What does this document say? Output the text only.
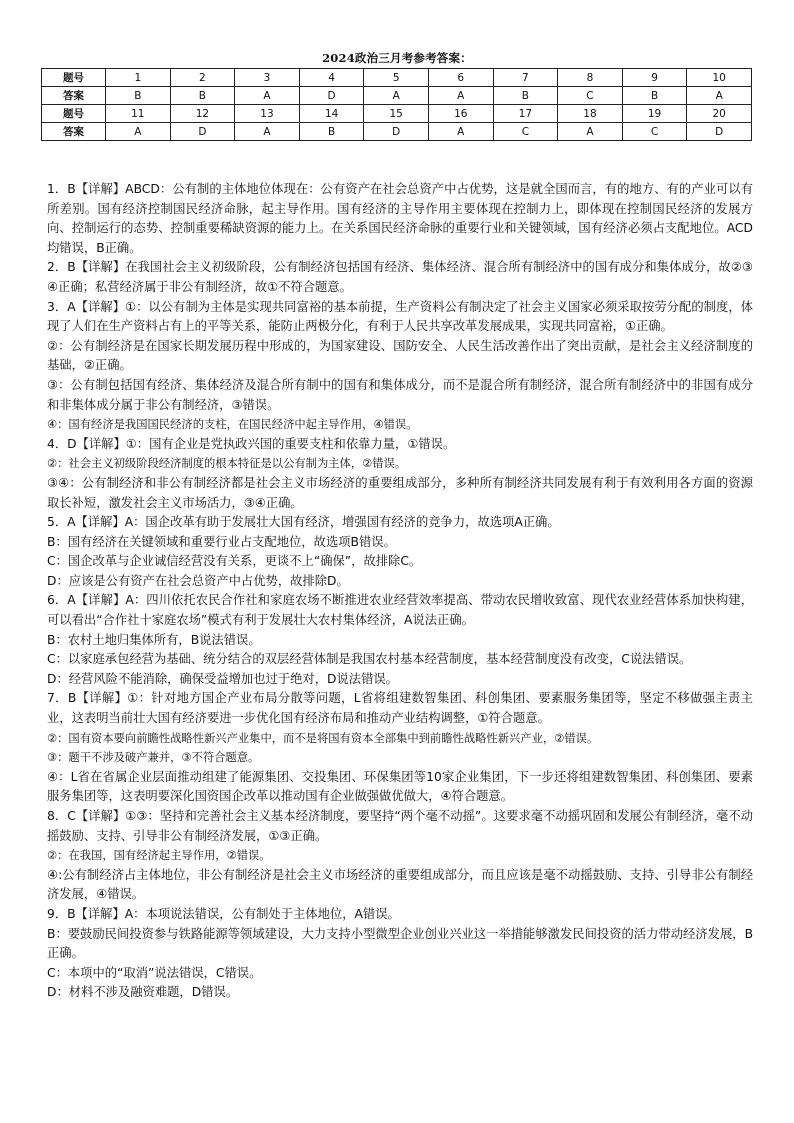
2024政治三月考参考答案：
题号	1	2	3	4	5	6	7	8	9	10
答案	B	B	A	D	A	A	B	C	B	A
题号	11	12	13	14	15	16	17	18	19	20
答案	A	D	A	B	D	A	C	A	C	D

1．B【详解】ABCD：公有制的主体地位体现在：公有资产在社会总资产中占优势，这是就全国而言，有的地方、有的产业可以有所差别。国有经济控制国民经济命脉，起主导作用。国有经济的主导作用主要体现在控制力上，即体现在控制国民经济的发展方向、控制运行的态势、控制重要稀缺资源的能力上。在关系国民经济命脉的重要行业和关键领域，国有经济必须占支配地位。ACD均错误，B正确。

2．B【详解】在我国社会主义初级阶段，公有制经济包括国有经济、集体经济、混合所有制经济中的国有成分和集体成分，故②③④正确；私营经济属于非公有制经济，故①不符合题意。

3．A【详解】①：以公有制为主体是实现共同富裕的基本前提，生产资料公有制决定了社会主义国家必须采取按劳分配的制度，体现了人们在生产资料占有上的平等关系，能防止两极分化，有利于人民共享改革发展成果，实现共同富裕，①正确。

②：公有制经济是在国家长期发展历程中形成的，为国家建设、国防安全、人民生活改善作出了突出贡献，是社会主义经济制度的基础，②正确。

③：公有制包括国有经济、集体经济及混合所有制中的国有和集体成分，而不是混合所有制经济，混合所有制经济中的非国有成分和非集体成分属于非公有制经济，③错误。

④：国有经济是我国国民经济的支柱，在国民经济中起主导作用，④错误。

4．D【详解】①：国有企业是党执政兴国的重要支柱和依靠力量，①错误。

②：社会主义初级阶段经济制度的根本特征是以公有制为主体，②错误。

③④：公有制经济和非公有制经济都是社会主义市场经济的重要组成部分，多种所有制经济共同发展有利于有效利用各方面的资源取长补短，激发社会主义市场活力，③④正确。

5．A【详解】A：国企改革有助于发展壮大国有经济，增强国有经济的竞争力，故选项A正确。

B：国有经济在关键领域和重要行业占支配地位，故选项B错误。

C：国企改革与企业诚信经营没有关系，更谈不上“确保”，故排除C。

D：应该是公有资产在社会总资产中占优势，故排除D。

6．A【详解】A：四川依托农民合作社和家庭农场不断推进农业经营效率提高、带动农民增收致富、现代农业经营体系加快构建，可以看出“合作社十家庭农场”模式有利于发展壮大农村集体经济，A说法正确。

B：农村土地归集体所有，B说法错误。

C：以家庭承包经营为基础、统分结合的双层经营体制是我国农村基本经营制度，基本经营制度没有改变，C说法错误。

D：经营风险不能消除，确保受益增加也过于绝对，D说法错误。

7．B【详解】①：针对地方国企产业布局分散等问题，L省将组建数智集团、科创集团、要素服务集团等，坚定不移做强主责主业，这表明当前壮大国有经济要进一步优化国有经济布局和推动产业结构调整，①符合题意。

②：国有资本要向前瞻性战略性新兴产业集中，而不是将国有资本全部集中到前瞻性战略性新兴产业，②错误。

③：题干不涉及破产兼并，③不符合题意。

④：L省在省属企业层面推动组建了能源集团、交投集团、环保集团等10家企业集团，下一步还将组建数智集团、科创集团、要素服务集团等，这表明要深化国资国企改革以推动国有企业做强做优做大，④符合题意。

8．C【详解】①③：坚持和完善社会主义基本经济制度，要坚持“两个毫不动摇”。这要求毫不动摇巩固和发展公有制经济，毫不动摇鼓励、支持、引导非公有制经济发展，①③正确。

②：在我国，国有经济起主导作用，②错误。

④:公有制经济占主体地位，非公有制经济是社会主义市场经济的重要组成部分，而且应该是毫不动摇鼓励、支持、引导非公有制经济发展，④错误。

9．B【详解】A：本项说法错误，公有制处于主体地位，A错误。

B：要鼓励民间投资参与铁路能源等领域建设，大力支持小型微型企业创业兴业这一举措能够激发民间投资的活力带动经济发展，B正确。

C：本项中的“取消”说法错误，C错误。

D：材料不涉及融资难题，D错误。
